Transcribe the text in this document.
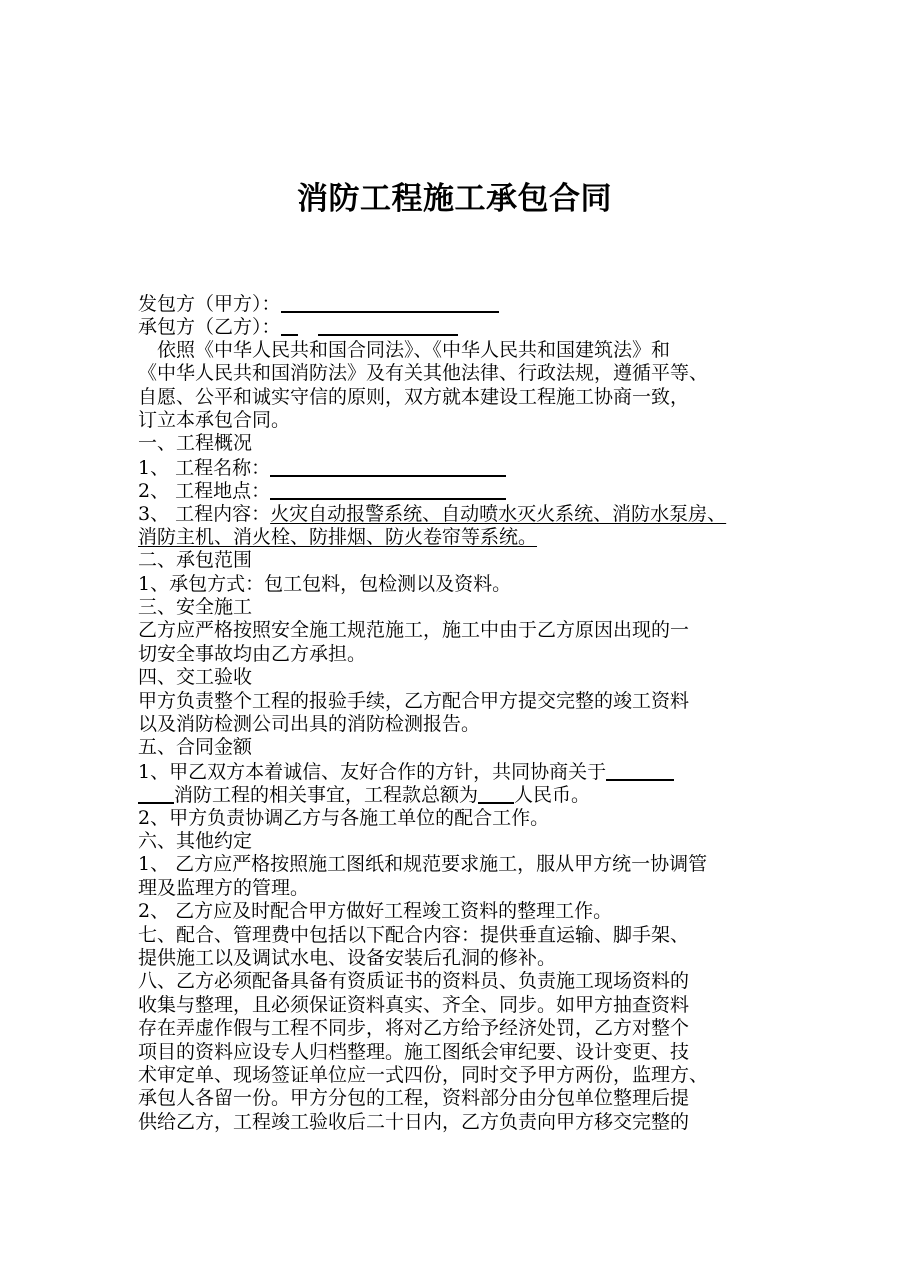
消防工程施工承包合同
发包方（甲方）：
承包方（乙方）：
依照《中华人民共和国合同法》、《中华人民共和国建筑法》和
《中华人民共和国消防法》及有关其他法律、行政法规，遵循平等、
自愿、公平和诚实守信的原则，双方就本建设工程施工协商一致，
订立本承包合同。
一、工程概况
1、 工程名称：
2、 工程地点：
3、 工程内容：火灾自动报警系统、自动喷水灭火系统、消防水泵房、
消防主机、消火栓、防排烟、防火卷帘等系统。
二、承包范围
1、承包方式：包工包料，包检测以及资料。
三、安全施工
乙方应严格按照安全施工规范施工，施工中由于乙方原因出现的一
切安全事故均由乙方承担。
四、交工验收
甲方负责整个工程的报验手续，乙方配合甲方提交完整的竣工资料
以及消防检测公司出具的消防检测报告。
五、合同金额
1、甲乙双方本着诚信、友好合作的方针，共同协商关于
消防工程的相关事宜，工程款总额为 人民币。
2、甲方负责协调乙方与各施工单位的配合工作。
六、其他约定
1、 乙方应严格按照施工图纸和规范要求施工，服从甲方统一协调管
理及监理方的管理。
2、 乙方应及时配合甲方做好工程竣工资料的整理工作。
七、配合、管理费中包括以下配合内容：提供垂直运输、脚手架、
提供施工以及调试水电、设备安装后孔洞的修补。
八、乙方必须配备具备有资质证书的资料员、负责施工现场资料的
收集与整理，且必须保证资料真实、齐全、同步。如甲方抽查资料
存在弄虚作假与工程不同步，将对乙方给予经济处罚，乙方对整个
项目的资料应设专人归档整理。施工图纸会审纪要、设计变更、技
术审定单、现场签证单位应一式四份，同时交予甲方两份，监理方、
承包人各留一份。甲方分包的工程，资料部分由分包单位整理后提
供给乙方，工程竣工验收后二十日内，乙方负责向甲方移交完整的
